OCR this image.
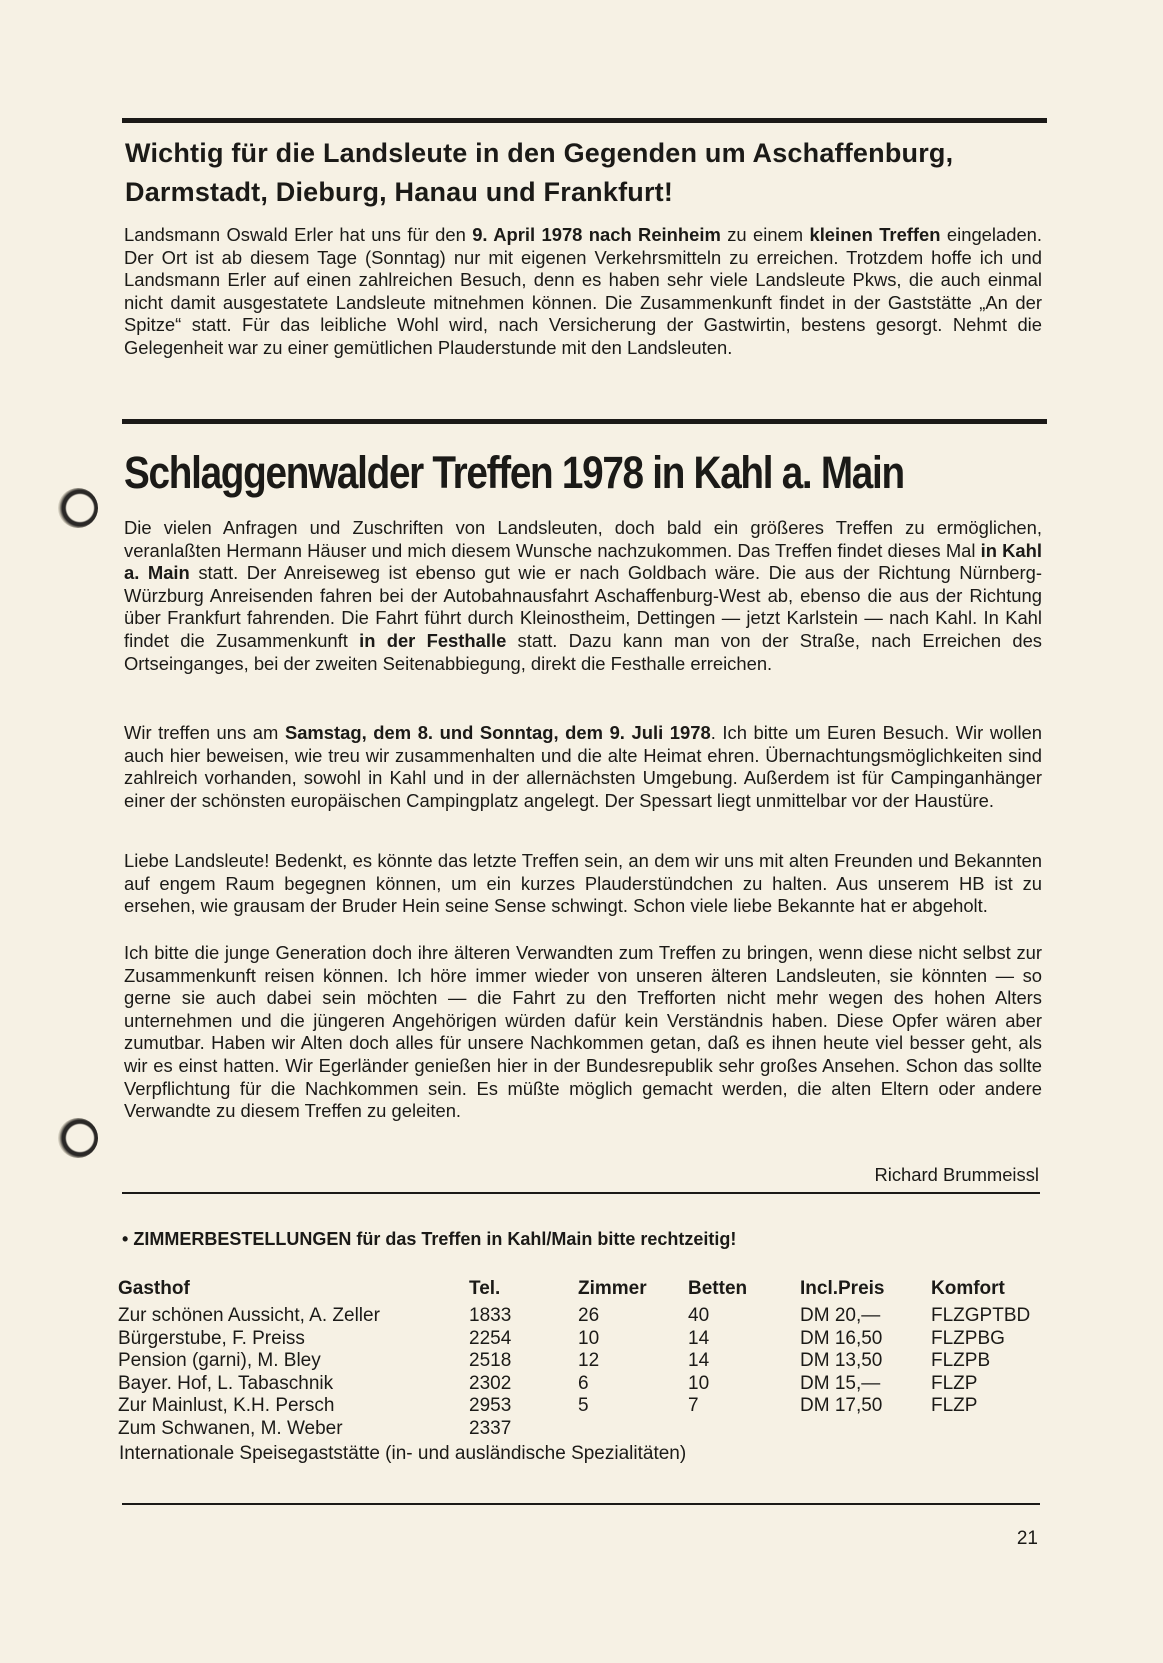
Wichtig für die Landsleute in den Gegenden um Aschaffenburg, Darmstadt, Dieburg, Hanau und Frankfurt!

Landsmann Oswald Erler hat uns für den 9. April 1978 nach Reinheim zu einem kleinen Treffen eingeladen. Der Ort ist ab diesem Tage (Sonntag) nur mit eigenen Verkehrsmitteln zu erreichen. Trotzdem hoffe ich und Landsmann Erler auf einen zahlreichen Besuch, denn es haben sehr viele Landsleute Pkws, die auch einmal nicht damit ausgestatete Landsleute mitnehmen können. Die Zusammenkunft findet in der Gaststätte „An der Spitze“ statt. Für das leibliche Wohl wird, nach Versicherung der Gastwirtin, bestens gesorgt. Nehmt die Gelegenheit war zu einer gemütlichen Plauderstunde mit den Landsleuten.

Schlaggenwalder Treffen 1978 in Kahl a. Main

Die vielen Anfragen und Zuschriften von Landsleuten, doch bald ein größeres Treffen zu ermöglichen, veranlaßten Hermann Häuser und mich diesem Wunsche nachzukommen. Das Treffen findet dieses Mal in Kahl a. Main statt. Der Anreiseweg ist ebenso gut wie er nach Goldbach wäre. Die aus der Richtung Nürnberg-Würzburg Anreisenden fahren bei der Autobahnausfahrt Aschaffenburg-West ab, ebenso die aus der Richtung über Frankfurt fahrenden. Die Fahrt führt durch Kleinostheim, Dettingen — jetzt Karlstein — nach Kahl. In Kahl findet die Zusammenkunft in der Festhalle statt. Dazu kann man von der Straße, nach Erreichen des Ortseinganges, bei der zweiten Seitenabbiegung, direkt die Festhalle erreichen.

Wir treffen uns am Samstag, dem 8. und Sonntag, dem 9. Juli 1978. Ich bitte um Euren Besuch. Wir wollen auch hier beweisen, wie treu wir zusammenhalten und die alte Heimat ehren. Übernachtungsmöglichkeiten sind zahlreich vorhanden, sowohl in Kahl und in der allernächsten Umgebung. Außerdem ist für Campinganhänger einer der schönsten europäischen Campingplatz angelegt. Der Spessart liegt unmittelbar vor der Haustüre.

Liebe Landsleute! Bedenkt, es könnte das letzte Treffen sein, an dem wir uns mit alten Freunden und Bekannten auf engem Raum begegnen können, um ein kurzes Plauderstündchen zu halten. Aus unserem HB ist zu ersehen, wie grausam der Bruder Hein seine Sense schwingt. Schon viele liebe Bekannte hat er abgeholt.

Ich bitte die junge Generation doch ihre älteren Verwandten zum Treffen zu bringen, wenn diese nicht selbst zur Zusammenkunft reisen können. Ich höre immer wieder von unseren älteren Landsleuten, sie könnten — so gerne sie auch dabei sein möchten — die Fahrt zu den Trefforten nicht mehr wegen des hohen Alters unternehmen und die jüngeren Angehörigen würden dafür kein Verständnis haben. Diese Opfer wären aber zumutbar. Haben wir Alten doch alles für unsere Nachkommen getan, daß es ihnen heute viel besser geht, als wir es einst hatten. Wir Egerländer genießen hier in der Bundesrepublik sehr großes Ansehen. Schon das sollte Verpflichtung für die Nachkommen sein. Es müßte möglich gemacht werden, die alten Eltern oder andere Verwandte zu diesem Treffen zu geleiten.

Richard Brummeissl
• ZIMMERBESTELLUNGEN für das Treffen in Kahl/Main bitte rechtzeitig!
Gasthof	Tel.	Zimmer	Betten	Incl.Preis	Komfort
Zur schönen Aussicht, A. Zeller	1833	26	40	DM 20,—	FLZGPTBD
Bürgerstube, F. Preiss	2254	10	14	DM 16,50	FLZPBG
Pension (garni), M. Bley	2518	12	14	DM 13,50	FLZPB
Bayer. Hof, L. Tabaschnik	2302	6	10	DM 15,—	FLZP
Zur Mainlust, K.H. Persch	2953	5	7	DM 17,50	FLZP
Zum Schwanen, M. Weber	2337				
Internationale Speisegaststätte (in- und ausländische Spezialitäten)
21
